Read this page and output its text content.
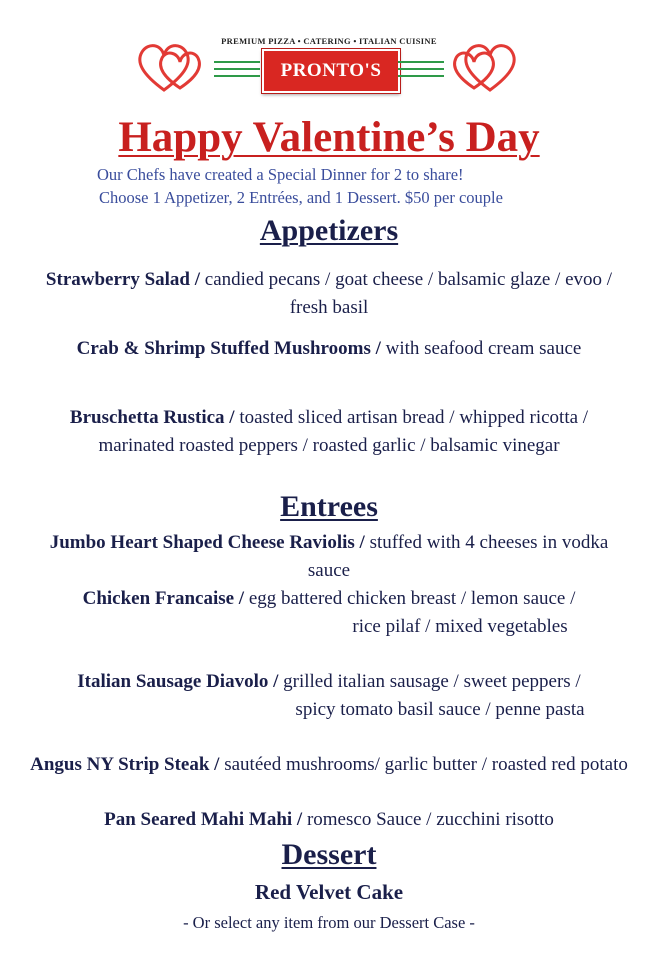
PREMIUM PIZZA • CATERING • ITALIAN CUISINE
PRONTO'S
Happy Valentine’s Day
Our Chefs have created a Special Dinner for 2 to share!
Choose 1 Appetizer, 2 Entrées, and 1 Dessert. $50 per couple
Appetizers
Strawberry Salad / candied pecans / goat cheese / balsamic glaze / evoo / fresh basil
Crab & Shrimp Stuffed Mushrooms / with seafood cream sauce
Bruschetta Rustica / toasted sliced artisan bread / whipped ricotta / marinated roasted peppers / roasted garlic / balsamic vinegar
Entrees
Jumbo Heart Shaped Cheese Raviolis / stuffed with 4 cheeses in vodka sauce
Chicken Francaise / egg battered chicken breast / lemon sauce /rice pilaf / mixed vegetables
Italian Sausage Diavolo / grilled italian sausage / sweet peppers /spicy tomato basil sauce / penne pasta
Angus NY Strip Steak / sautéed mushrooms/ garlic butter / roasted red potato
Pan Seared Mahi Mahi / romesco Sauce / zucchini risotto
Dessert
Red Velvet Cake
- Or select any item from our Dessert Case -
